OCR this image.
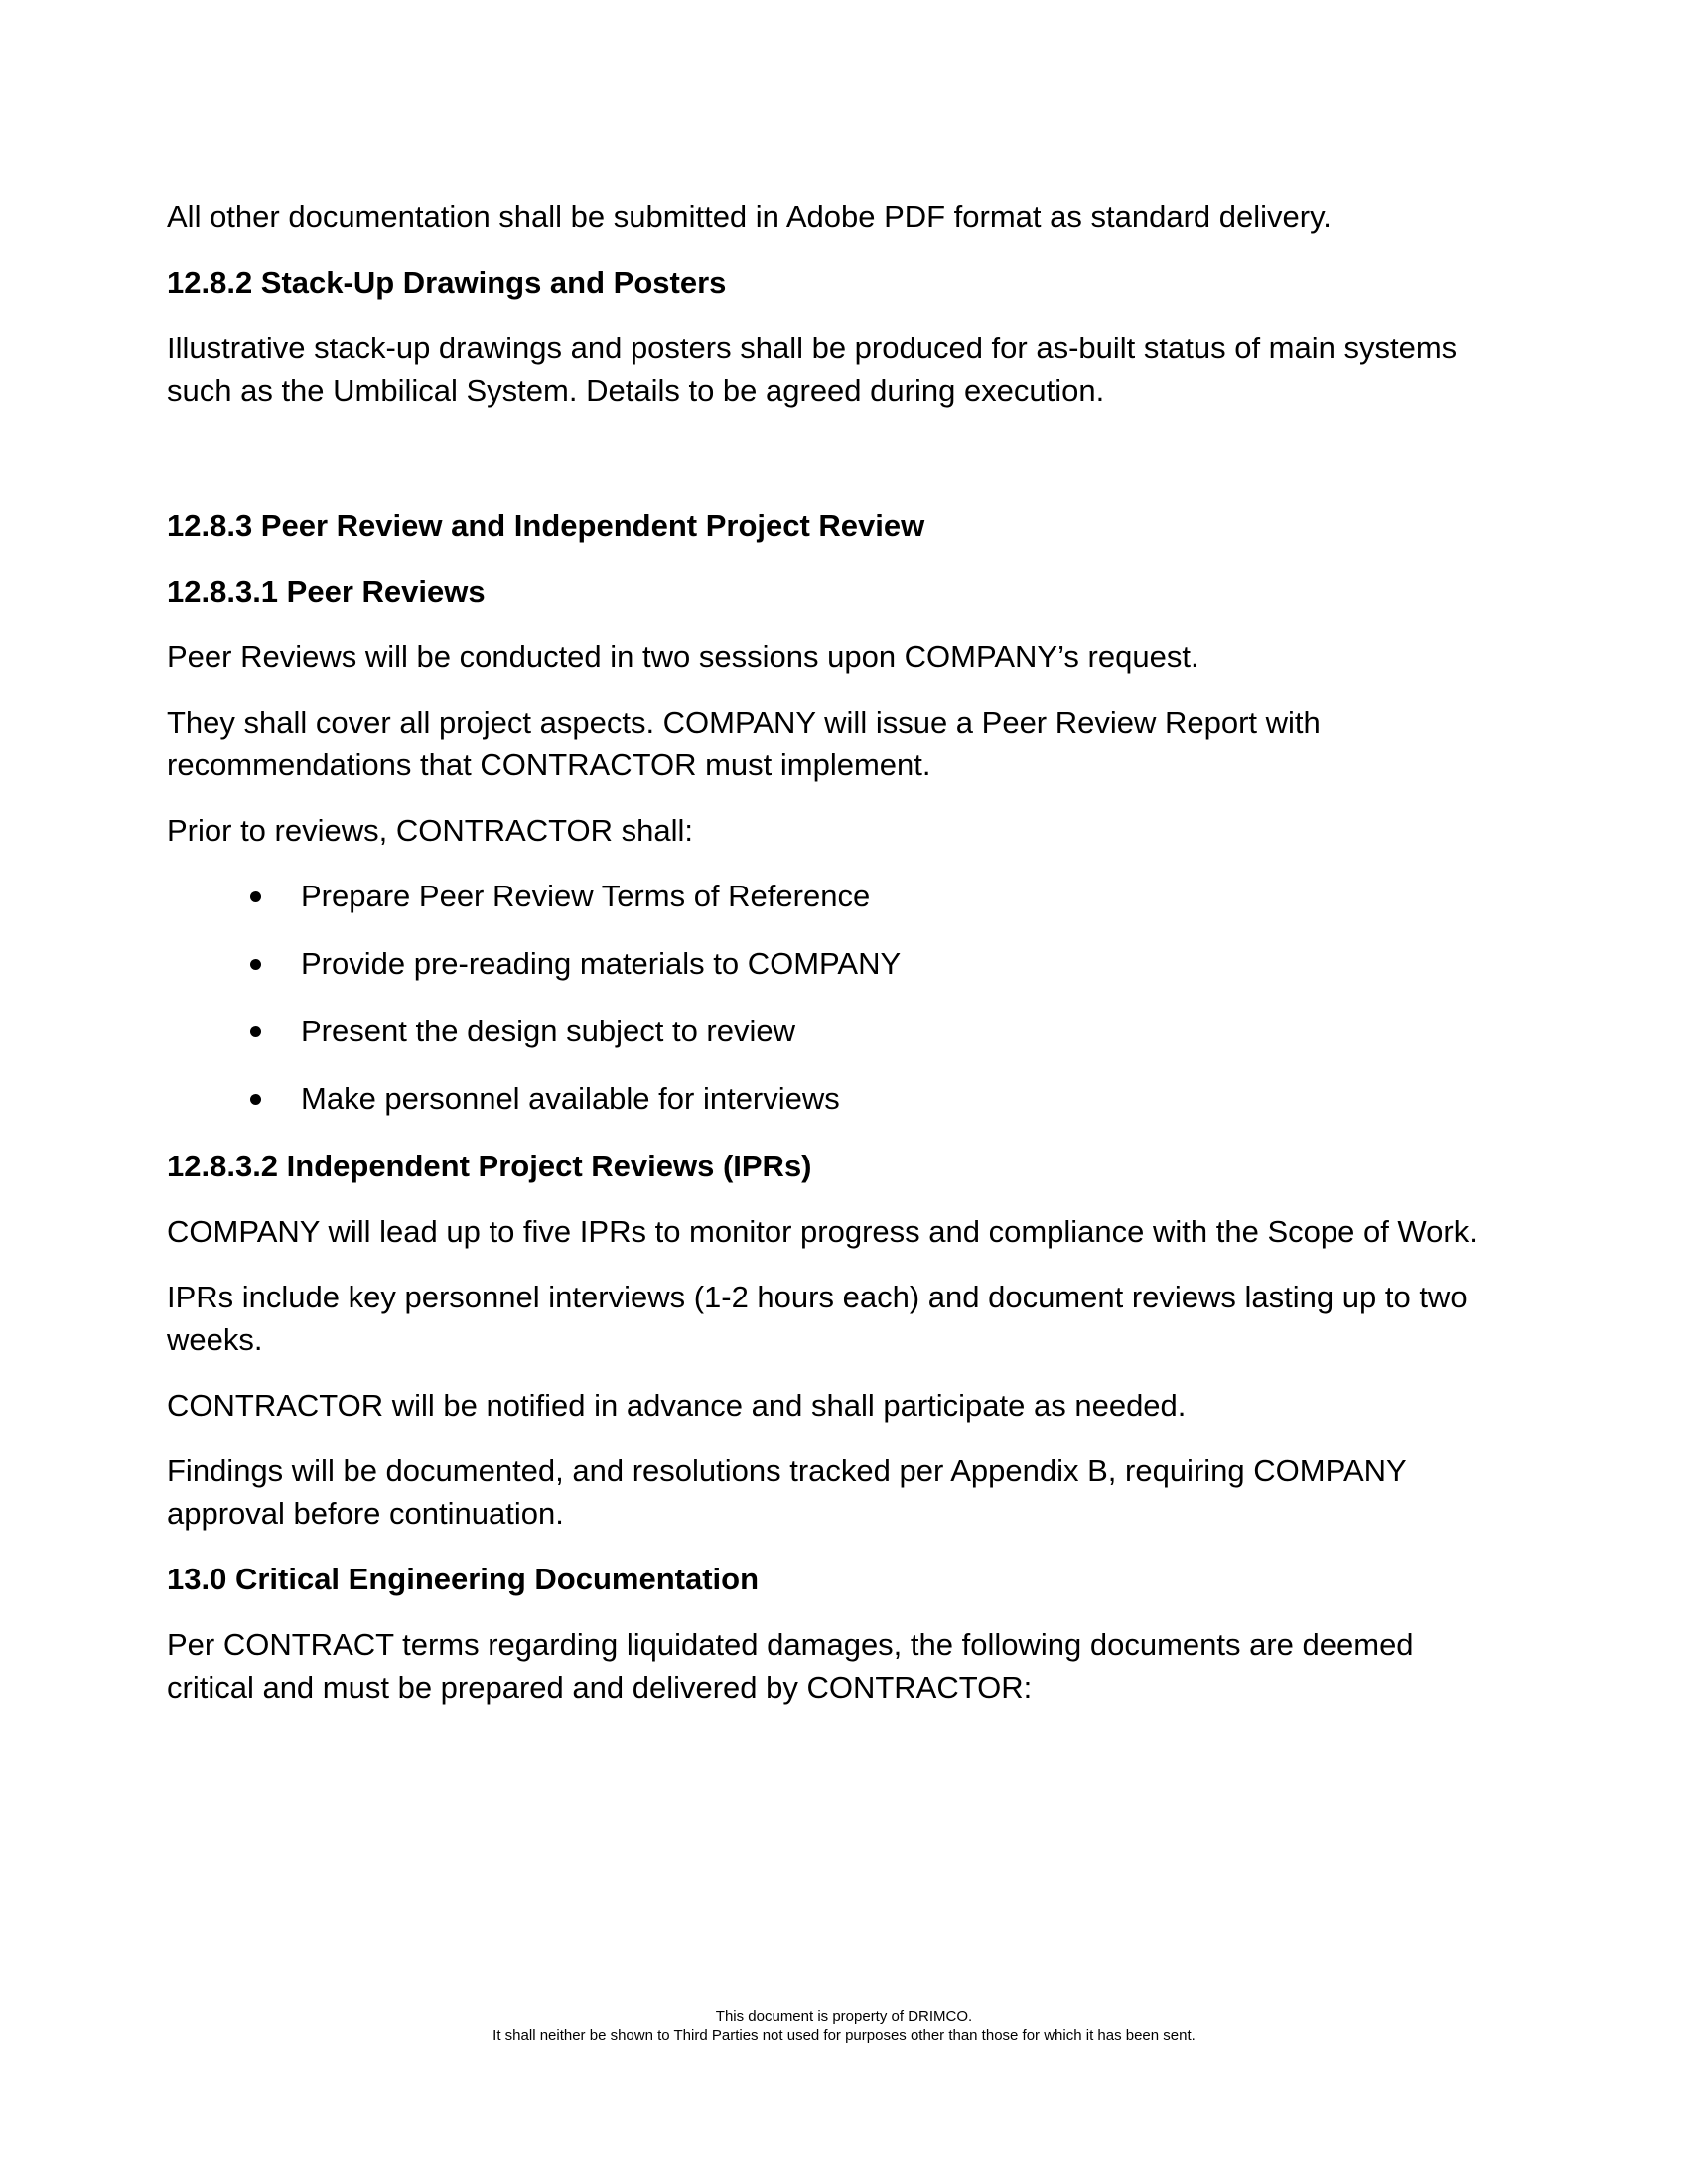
All other documentation shall be submitted in Adobe PDF format as standard delivery.

12.8.2 Stack-Up Drawings and Posters

Illustrative stack-up drawings and posters shall be produced for as-built status of main systems such as the Umbilical System. Details to be agreed during execution.

12.8.3 Peer Review and Independent Project Review
12.8.3.1 Peer Reviews

Peer Reviews will be conducted in two sessions upon COMPANY’s request.

They shall cover all project aspects. COMPANY will issue a Peer Review Report with recommendations that CONTRACTOR must implement.

Prior to reviews, CONTRACTOR shall:

Prepare Peer Review Terms of Reference
Provide pre-reading materials to COMPANY
Present the design subject to review
Make personnel available for interviews
12.8.3.2 Independent Project Reviews (IPRs)

COMPANY will lead up to five IPRs to monitor progress and compliance with the Scope of Work.

IPRs include key personnel interviews (1-2 hours each) and document reviews lasting up to two weeks.

CONTRACTOR will be notified in advance and shall participate as needed.

Findings will be documented, and resolutions tracked per Appendix B, requiring COMPANY approval before continuation.

13.0 Critical Engineering Documentation

Per CONTRACT terms regarding liquidated damages, the following documents are deemed critical and must be prepared and delivered by CONTRACTOR:

This document is property of DRIMCO.
It shall neither be shown to Third Parties not used for purposes other than those for which it has been sent.
